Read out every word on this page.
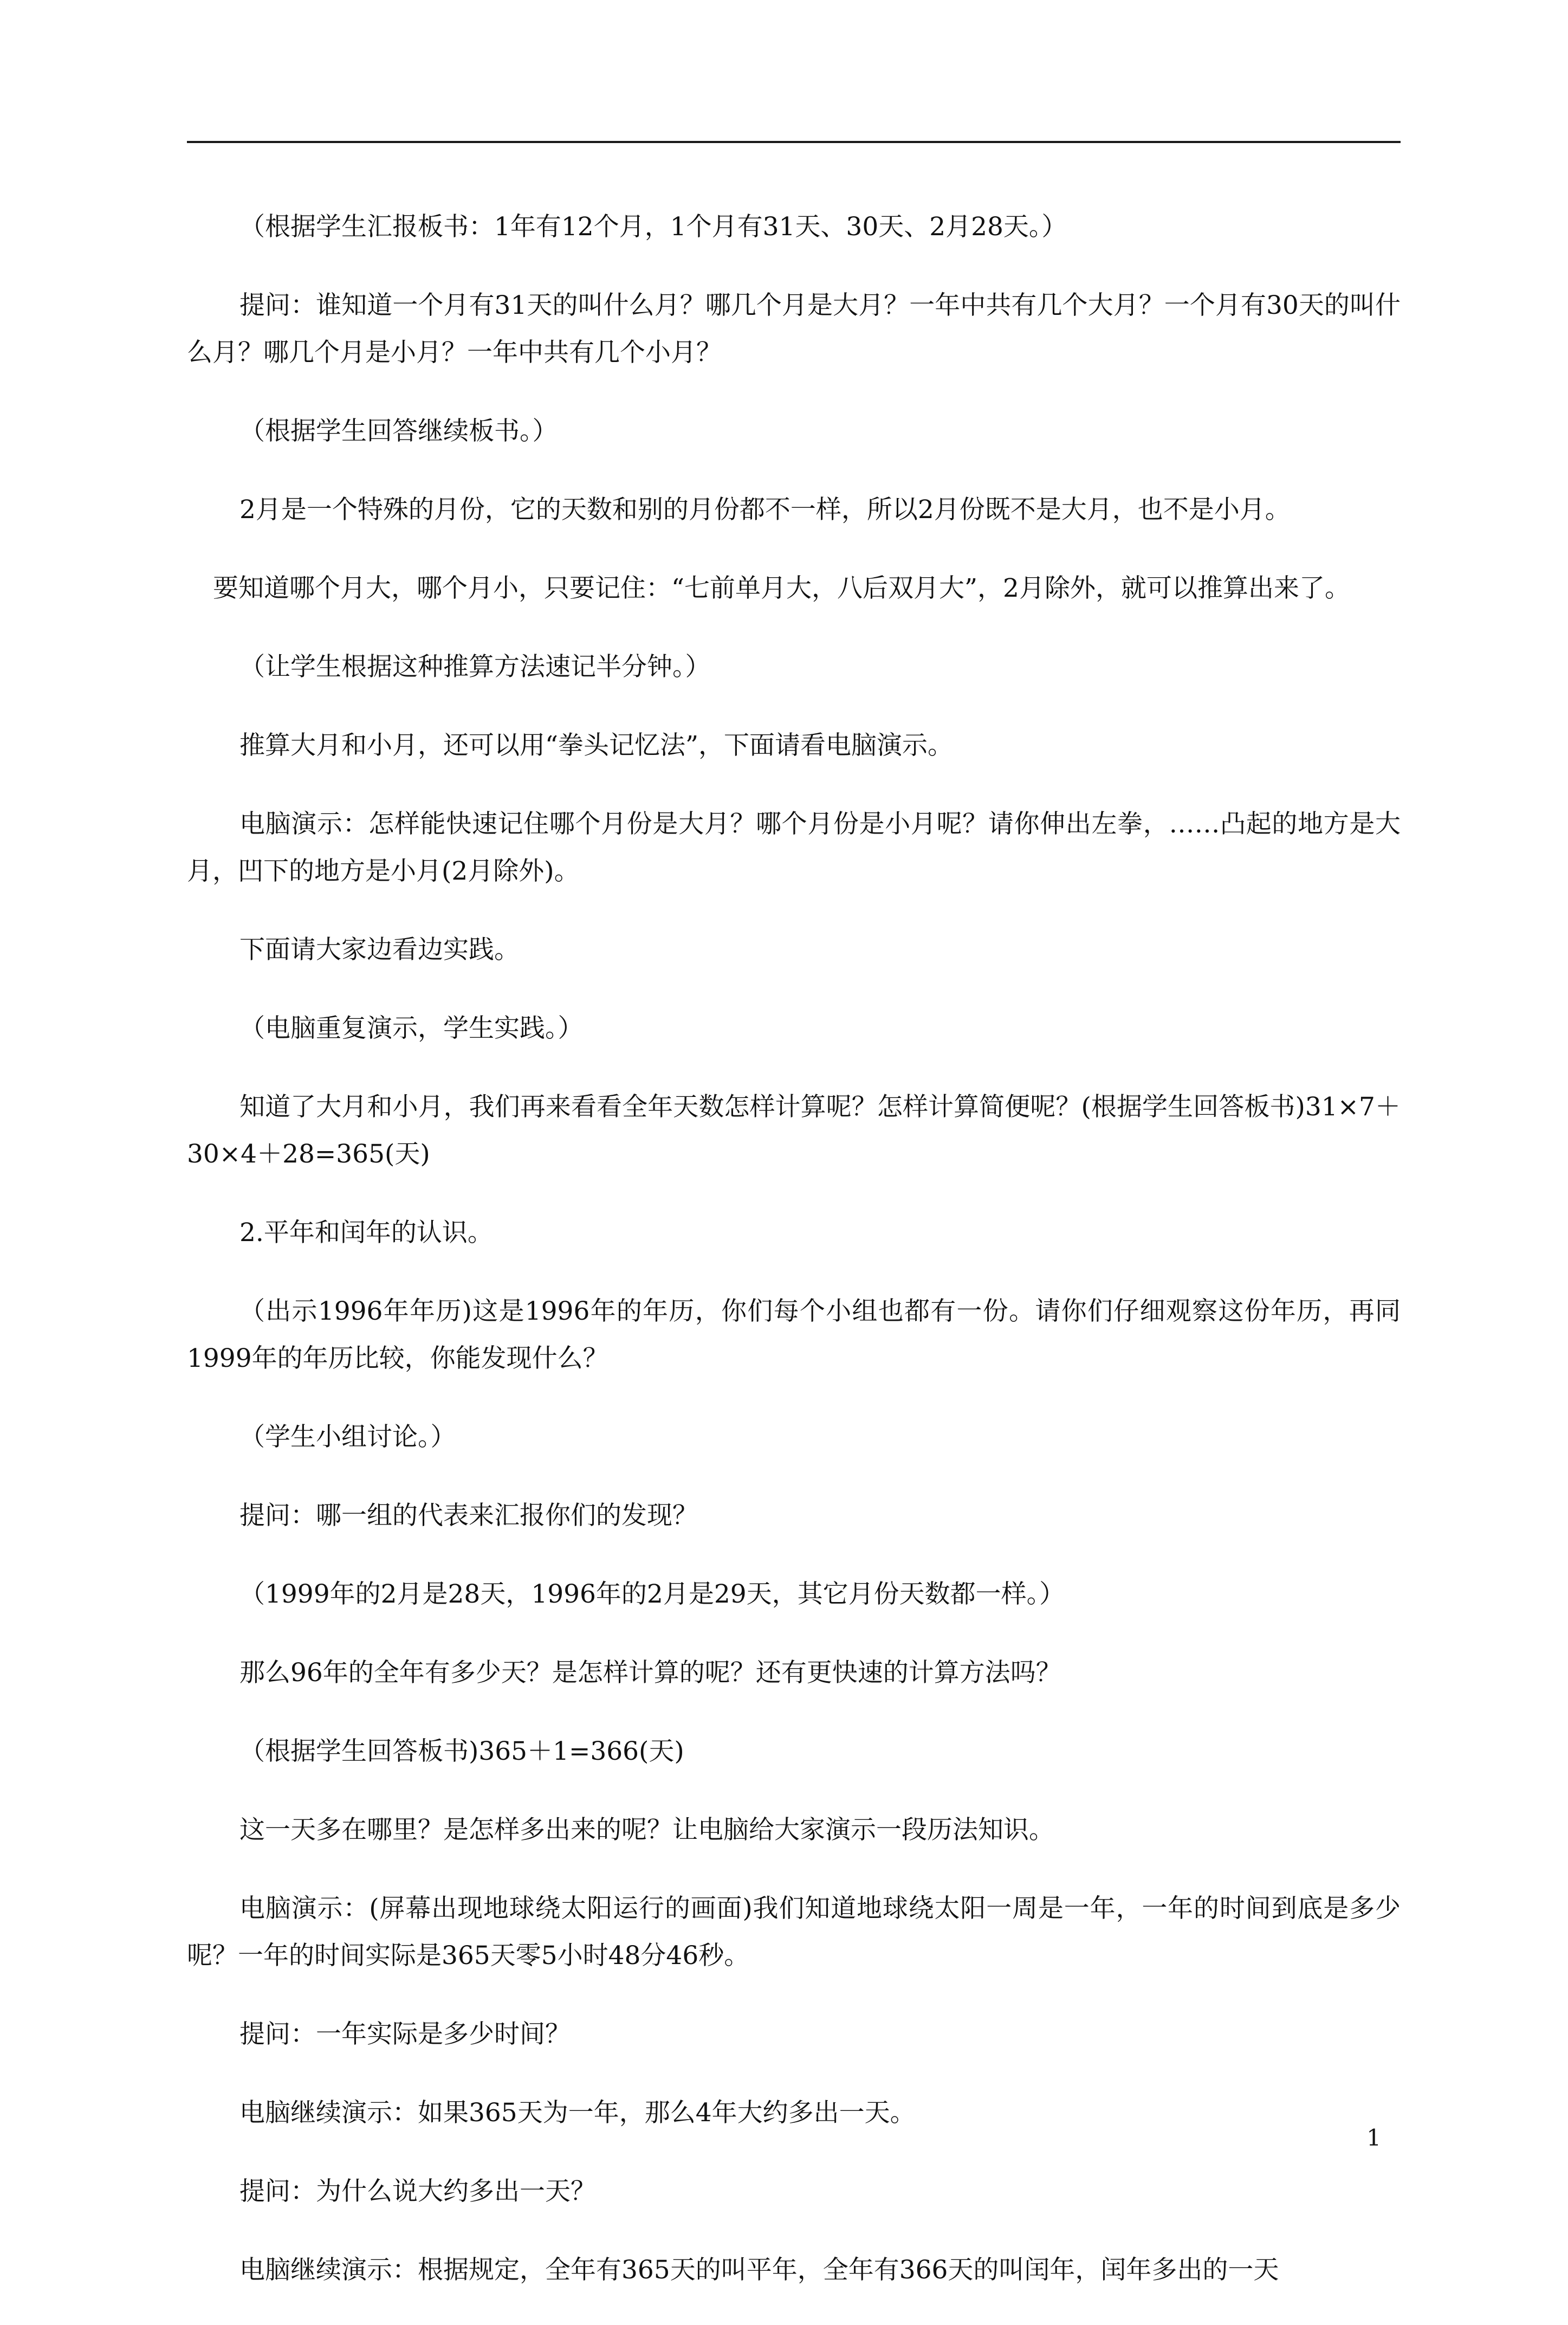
（根据学生汇报板书：1年有12个月，1个月有31天、30天、2月28天。）

提问：谁知道一个月有31天的叫什么月？哪几个月是大月？一年中共有几个大月？一个月有30天的叫什么月？哪几个月是小月？一年中共有几个小月？

（根据学生回答继续板书。）

2月是一个特殊的月份，它的天数和别的月份都不一样，所以2月份既不是大月，也不是小月。

要知道哪个月大，哪个月小，只要记住：“七前单月大，八后双月大”，2月除外，就可以推算出来了。

（让学生根据这种推算方法速记半分钟。）

推算大月和小月，还可以用“拳头记忆法”，下面请看电脑演示。

电脑演示：怎样能快速记住哪个月份是大月？哪个月份是小月呢？请你伸出左拳，……凸起的地方是大月，凹下的地方是小月(2月除外)。

下面请大家边看边实践。

（电脑重复演示，学生实践。）

知道了大月和小月，我们再来看看全年天数怎样计算呢？怎样计算简便呢？(根据学生回答板书)31×7＋30×4＋28=365(天)

2.平年和闰年的认识。

（出示1996年年历)这是1996年的年历，你们每个小组也都有一份。请你们仔细观察这份年历，再同1999年的年历比较，你能发现什么？

（学生小组讨论。）

提问：哪一组的代表来汇报你们的发现？

（1999年的2月是28天，1996年的2月是29天，其它月份天数都一样。）

那么96年的全年有多少天？是怎样计算的呢？还有更快速的计算方法吗？

（根据学生回答板书)365＋1=366(天)

这一天多在哪里？是怎样多出来的呢？让电脑给大家演示一段历法知识。

电脑演示：(屏幕出现地球绕太阳运行的画面)我们知道地球绕太阳一周是一年，一年的时间到底是多少呢？一年的时间实际是365天零5小时48分46秒。

提问：一年实际是多少时间？

电脑继续演示：如果365天为一年，那么4年大约多出一天。

提问：为什么说大约多出一天？

电脑继续演示：根据规定，全年有365天的叫平年，全年有366天的叫闰年，闰年多出的一天

1
